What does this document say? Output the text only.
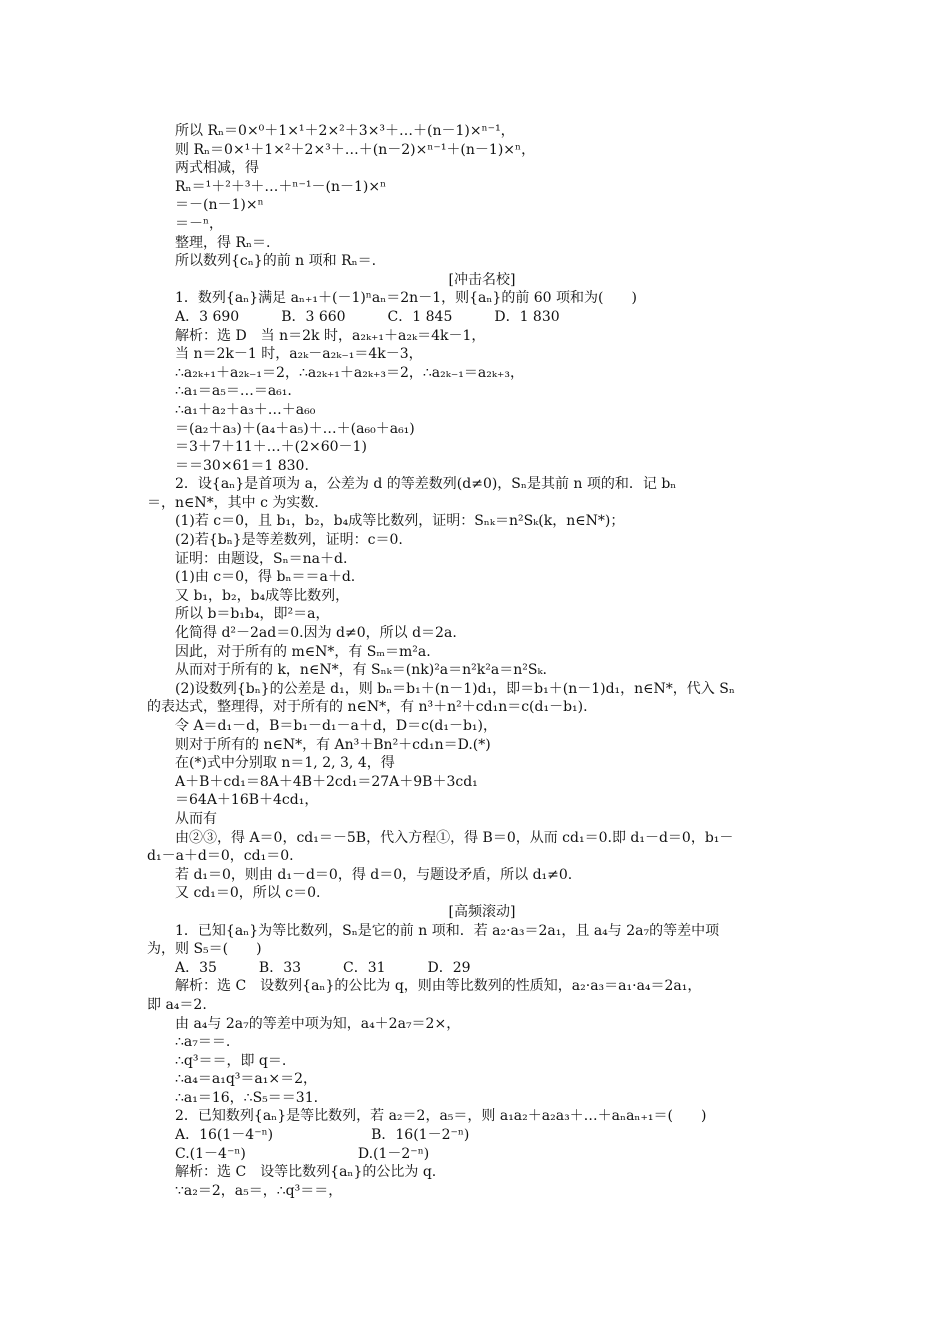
所以 Rₙ＝0×⁰＋1×¹＋2×²＋3×³＋…＋(n－1)×ⁿ⁻¹，
则 Rₙ＝0×¹＋1×²＋2×³＋…＋(n－2)×ⁿ⁻¹＋(n－1)×ⁿ，
两式相减，得
Rₙ＝¹＋²＋³＋…＋ⁿ⁻¹－(n－1)×ⁿ
＝－(n－1)×ⁿ
＝－ⁿ，
整理，得 Rₙ＝.
所以数列{cₙ}的前 n 项和 Rₙ＝.
[冲击名校]
1．数列{aₙ}满足 aₙ₊₁＋(－1)ⁿaₙ＝2n－1，则{aₙ}的前 60 项和为(　　)
A．3 690　　　B．3 660　　　C．1 845　　　D．1 830
解析：选 D　当 n＝2k 时，a₂ₖ₊₁＋a₂ₖ＝4k－1，
当 n＝2k－1 时，a₂ₖ－a₂ₖ₋₁＝4k－3，
∴a₂ₖ₊₁＋a₂ₖ₋₁＝2，∴a₂ₖ₊₁＋a₂ₖ₊₃＝2，∴a₂ₖ₋₁＝a₂ₖ₊₃，
∴a₁＝a₅＝…＝a₆₁.
∴a₁＋a₂＋a₃＋…＋a₆₀
＝(a₂＋a₃)＋(a₄＋a₅)＋…＋(a₆₀＋a₆₁)
＝3＋7＋11＋…＋(2×60－1)
＝＝30×61＝1 830.
2．设{aₙ}是首项为 a，公差为 d 的等差数列(d≠0)，Sₙ是其前 n 项的和．记 bₙ
＝，n∈N*，其中 c 为实数．
(1)若 c＝0，且 b₁，b₂，b₄成等比数列，证明：Sₙₖ＝n²Sₖ(k，n∈N*)；
(2)若{bₙ}是等差数列，证明：c＝0.
证明：由题设，Sₙ＝na＋d.
(1)由 c＝0，得 bₙ＝＝a＋d.
又 b₁，b₂，b₄成等比数列，
所以 b＝b₁b₄，即²＝a，
化简得 d²－2ad＝0.因为 d≠0，所以 d＝2a.
因此，对于所有的 m∈N*，有 Sₘ＝m²a.
从而对于所有的 k，n∈N*，有 Sₙₖ＝(nk)²a＝n²k²a＝n²Sₖ.
(2)设数列{bₙ}的公差是 d₁，则 bₙ＝b₁＋(n－1)d₁，即＝b₁＋(n－1)d₁，n∈N*，代入 Sₙ
的表达式，整理得，对于所有的 n∈N*，有 n³＋n²＋cd₁n＝c(d₁－b₁).
令 A＝d₁－d，B＝b₁－d₁－a＋d，D＝c(d₁－b₁)，
则对于所有的 n∈N*，有 An³＋Bn²＋cd₁n＝D.(*)
在(*)式中分别取 n＝1, 2, 3, 4，得
A＋B＋cd₁＝8A＋4B＋2cd₁＝27A＋9B＋3cd₁
＝64A＋16B＋4cd₁，
从而有
由②③，得 A＝0，cd₁＝－5B，代入方程①，得 B＝0，从而 cd₁＝0.即 d₁－d＝0，b₁－
d₁－a＋d＝0，cd₁＝0.
若 d₁＝0，则由 d₁－d＝0，得 d＝0，与题设矛盾，所以 d₁≠0.
又 cd₁＝0，所以 c＝0.
[高频滚动]
1．已知{aₙ}为等比数列，Sₙ是它的前 n 项和．若 a₂·a₃＝2a₁，且 a₄与 2a₇的等差中项
为，则 S₅＝(　　)
A．35　　　B．33　　　C．31　　　D．29
解析：选 C　设数列{aₙ}的公比为 q，则由等比数列的性质知，a₂·a₃＝a₁·a₄＝2a₁，
即 a₄＝2.
由 a₄与 2a₇的等差中项为知，a₄＋2a₇＝2×，
∴a₇＝＝.
∴q³＝＝，即 q＝.
∴a₄＝a₁q³＝a₁×＝2，
∴a₁＝16，∴S₅＝＝31.
2．已知数列{aₙ}是等比数列，若 a₂＝2，a₅＝，则 a₁a₂＋a₂a₃＋…＋aₙaₙ₊₁＝(　　)
A．16(1－4⁻ⁿ)　　　　　　　B．16(1－2⁻ⁿ)
C.(1－4⁻ⁿ)　　　　　　　　D.(1－2⁻ⁿ)
解析：选 C　设等比数列{aₙ}的公比为 q.
∵a₂＝2，a₅＝，∴q³＝＝，
